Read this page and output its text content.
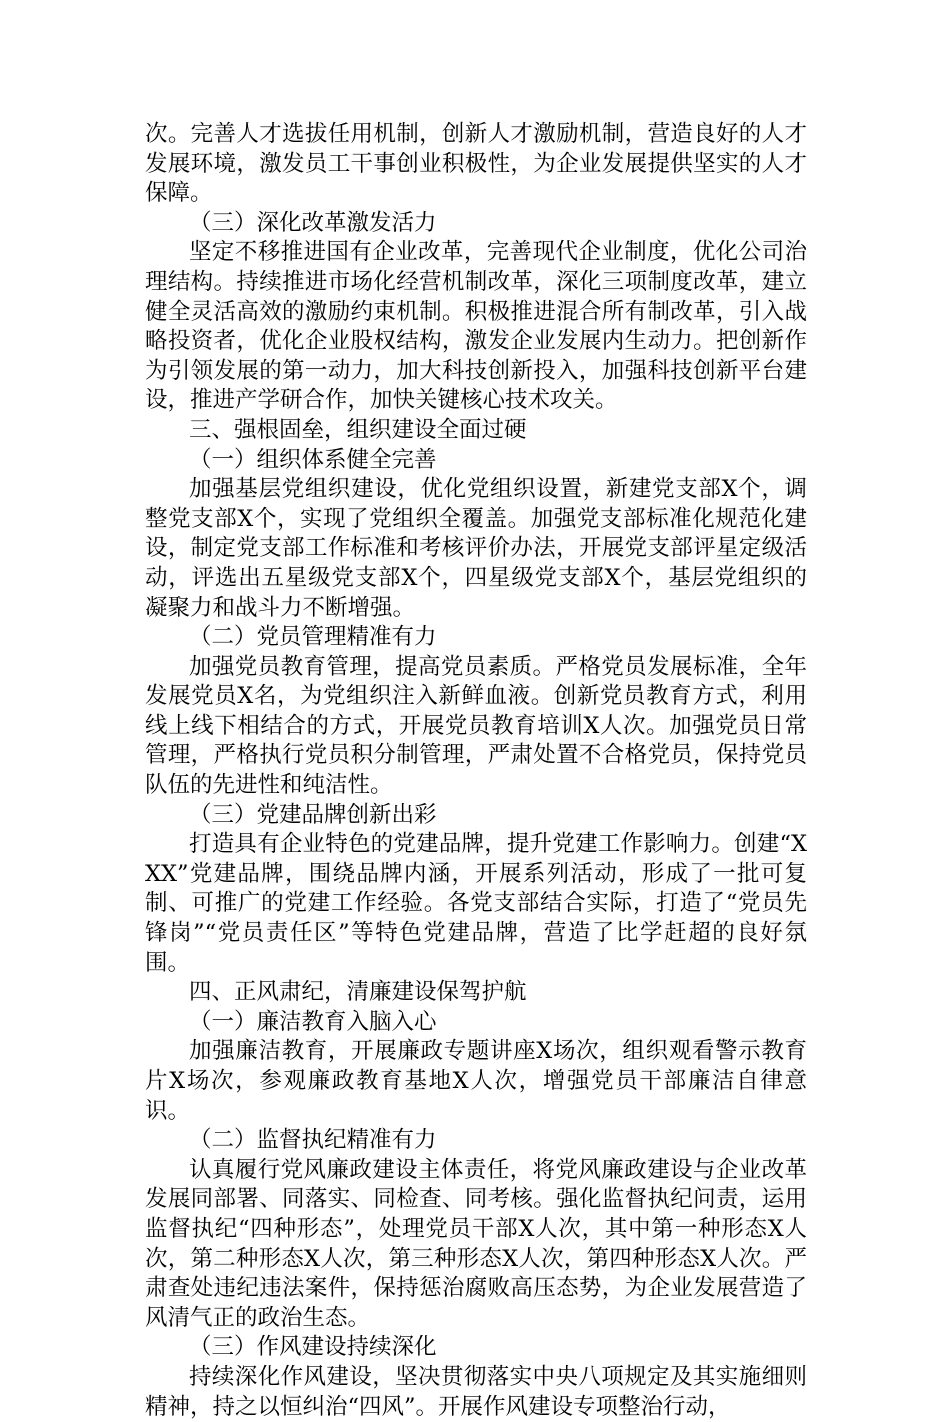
次。完善人才选拔任用机制，创新人才激励机制，营造良好的人才发展环境，激发员工干事创业积极性，为企业发展提供坚实的人才保障。

（三）深化改革激发活力

坚定不移推进国有企业改革，完善现代企业制度，优化公司治理结构。持续推进市场化经营机制改革，深化三项制度改革，建立健全灵活高效的激励约束机制。积极推进混合所有制改革，引入战略投资者，优化企业股权结构，激发企业发展内生动力。把创新作为引领发展的第一动力，加大科技创新投入，加强科技创新平台建设，推进产学研合作，加快关键核心技术攻关。

三、强根固垒，组织建设全面过硬

（一）组织体系健全完善

加强基层党组织建设，优化党组织设置，新建党支部X个，调整党支部X个，实现了党组织全覆盖。加强党支部标准化规范化建设，制定党支部工作标准和考核评价办法，开展党支部评星定级活动，评选出五星级党支部X个，四星级党支部X个，基层党组织的凝聚力和战斗力不断增强。

（二）党员管理精准有力

加强党员教育管理，提高党员素质。严格党员发展标准，全年发展党员X名，为党组织注入新鲜血液。创新党员教育方式，利用线上线下相结合的方式，开展党员教育培训X人次。加强党员日常管理，严格执行党员积分制管理，严肃处置不合格党员，保持党员队伍的先进性和纯洁性。

（三）党建品牌创新出彩

打造具有企业特色的党建品牌，提升党建工作影响力。创建“XXX”党建品牌，围绕品牌内涵，开展系列活动，形成了一批可复制、可推广的党建工作经验。各党支部结合实际，打造了“党员先锋岗”“党员责任区”等特色党建品牌，营造了比学赶超的良好氛围。

四、正风肃纪，清廉建设保驾护航

（一）廉洁教育入脑入心

加强廉洁教育，开展廉政专题讲座X场次，组织观看警示教育片X场次，参观廉政教育基地X人次，增强党员干部廉洁自律意识。

（二）监督执纪精准有力

认真履行党风廉政建设主体责任，将党风廉政建设与企业改革发展同部署、同落实、同检查、同考核。强化监督执纪问责，运用监督执纪“四种形态”，处理党员干部X人次，其中第一种形态X人次，第二种形态X人次，第三种形态X人次，第四种形态X人次。严肃查处违纪违法案件，保持惩治腐败高压态势，为企业发展营造了风清气正的政治生态。

（三）作风建设持续深化

持续深化作风建设，坚决贯彻落实中央八项规定及其实施细则精神，持之以恒纠治“四风”。开展作风建设专项整治行动，
